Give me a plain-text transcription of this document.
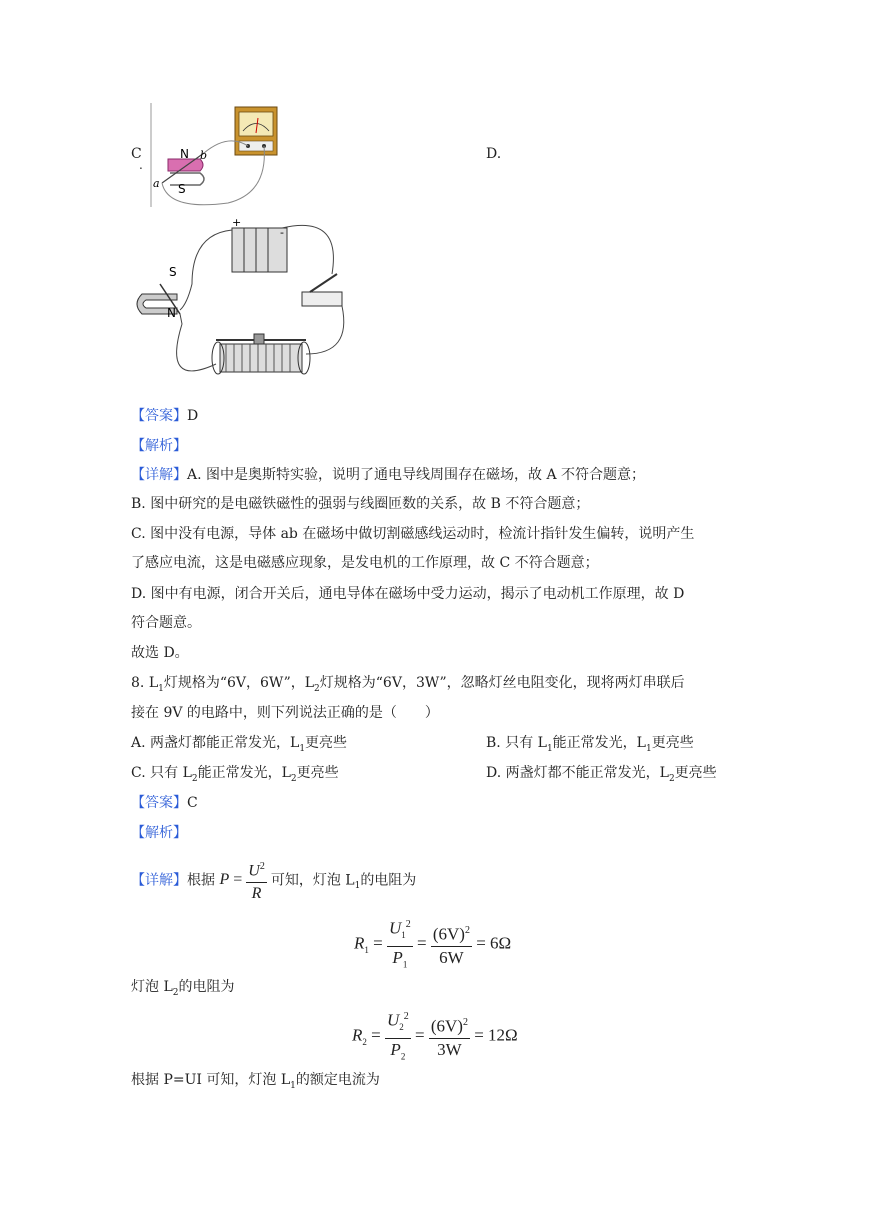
C
.
N
S
a
b	D.
+
-
S
N
【答案】D
【解析】
【详解】A. 图中是奥斯特实验，说明了通电导线周围存在磁场，故 A 不符合题意；
B. 图中研究的是电磁铁磁性的强弱与线圈匝数的关系，故 B 不符合题意；
C. 图中没有电源，导体 ab 在磁场中做切割磁感线运动时，检流计指针发生偏转，说明产生
了感应电流，这是电磁感应现象，是发电机的工作原理，故 C 不符合题意；
D. 图中有电源，闭合开关后，通电导体在磁场中受力运动，揭示了电动机工作原理，故 D
符合题意。
故选 D。
8. $L_1$灯规格为“6V，6W”，$L_2$灯规格为“6V，3W”，忽略灯丝电阻变化，现将两灯串联后
接在 9V 的电路中，则下列说法正确的是（　　）
A. 两盏灯都能正常发光，$L_1$更亮些	B. 只有 $L_1$能正常发光，$L_1$更亮些
C. 只有 $L_2$能正常发光，$L_2$更亮些	D. 两盏灯都不能正常发光，$L_2$更亮些
【答案】C
【解析】
【详解】根据 $P = \frac{U^2}{R}$ 可知，灯泡 $L_1$的电阻为
$R_1 = \frac{U_1^2}{P_1} = \frac{(6V)^2}{6W} = 6\Omega$
灯泡 $L_2$的电阻为
$R_2 = \frac{U_2^2}{P_2} = \frac{(6V)^2}{3W} = 12\Omega$
根据 P=UI 可知，灯泡 $L_1$的额定电流为
